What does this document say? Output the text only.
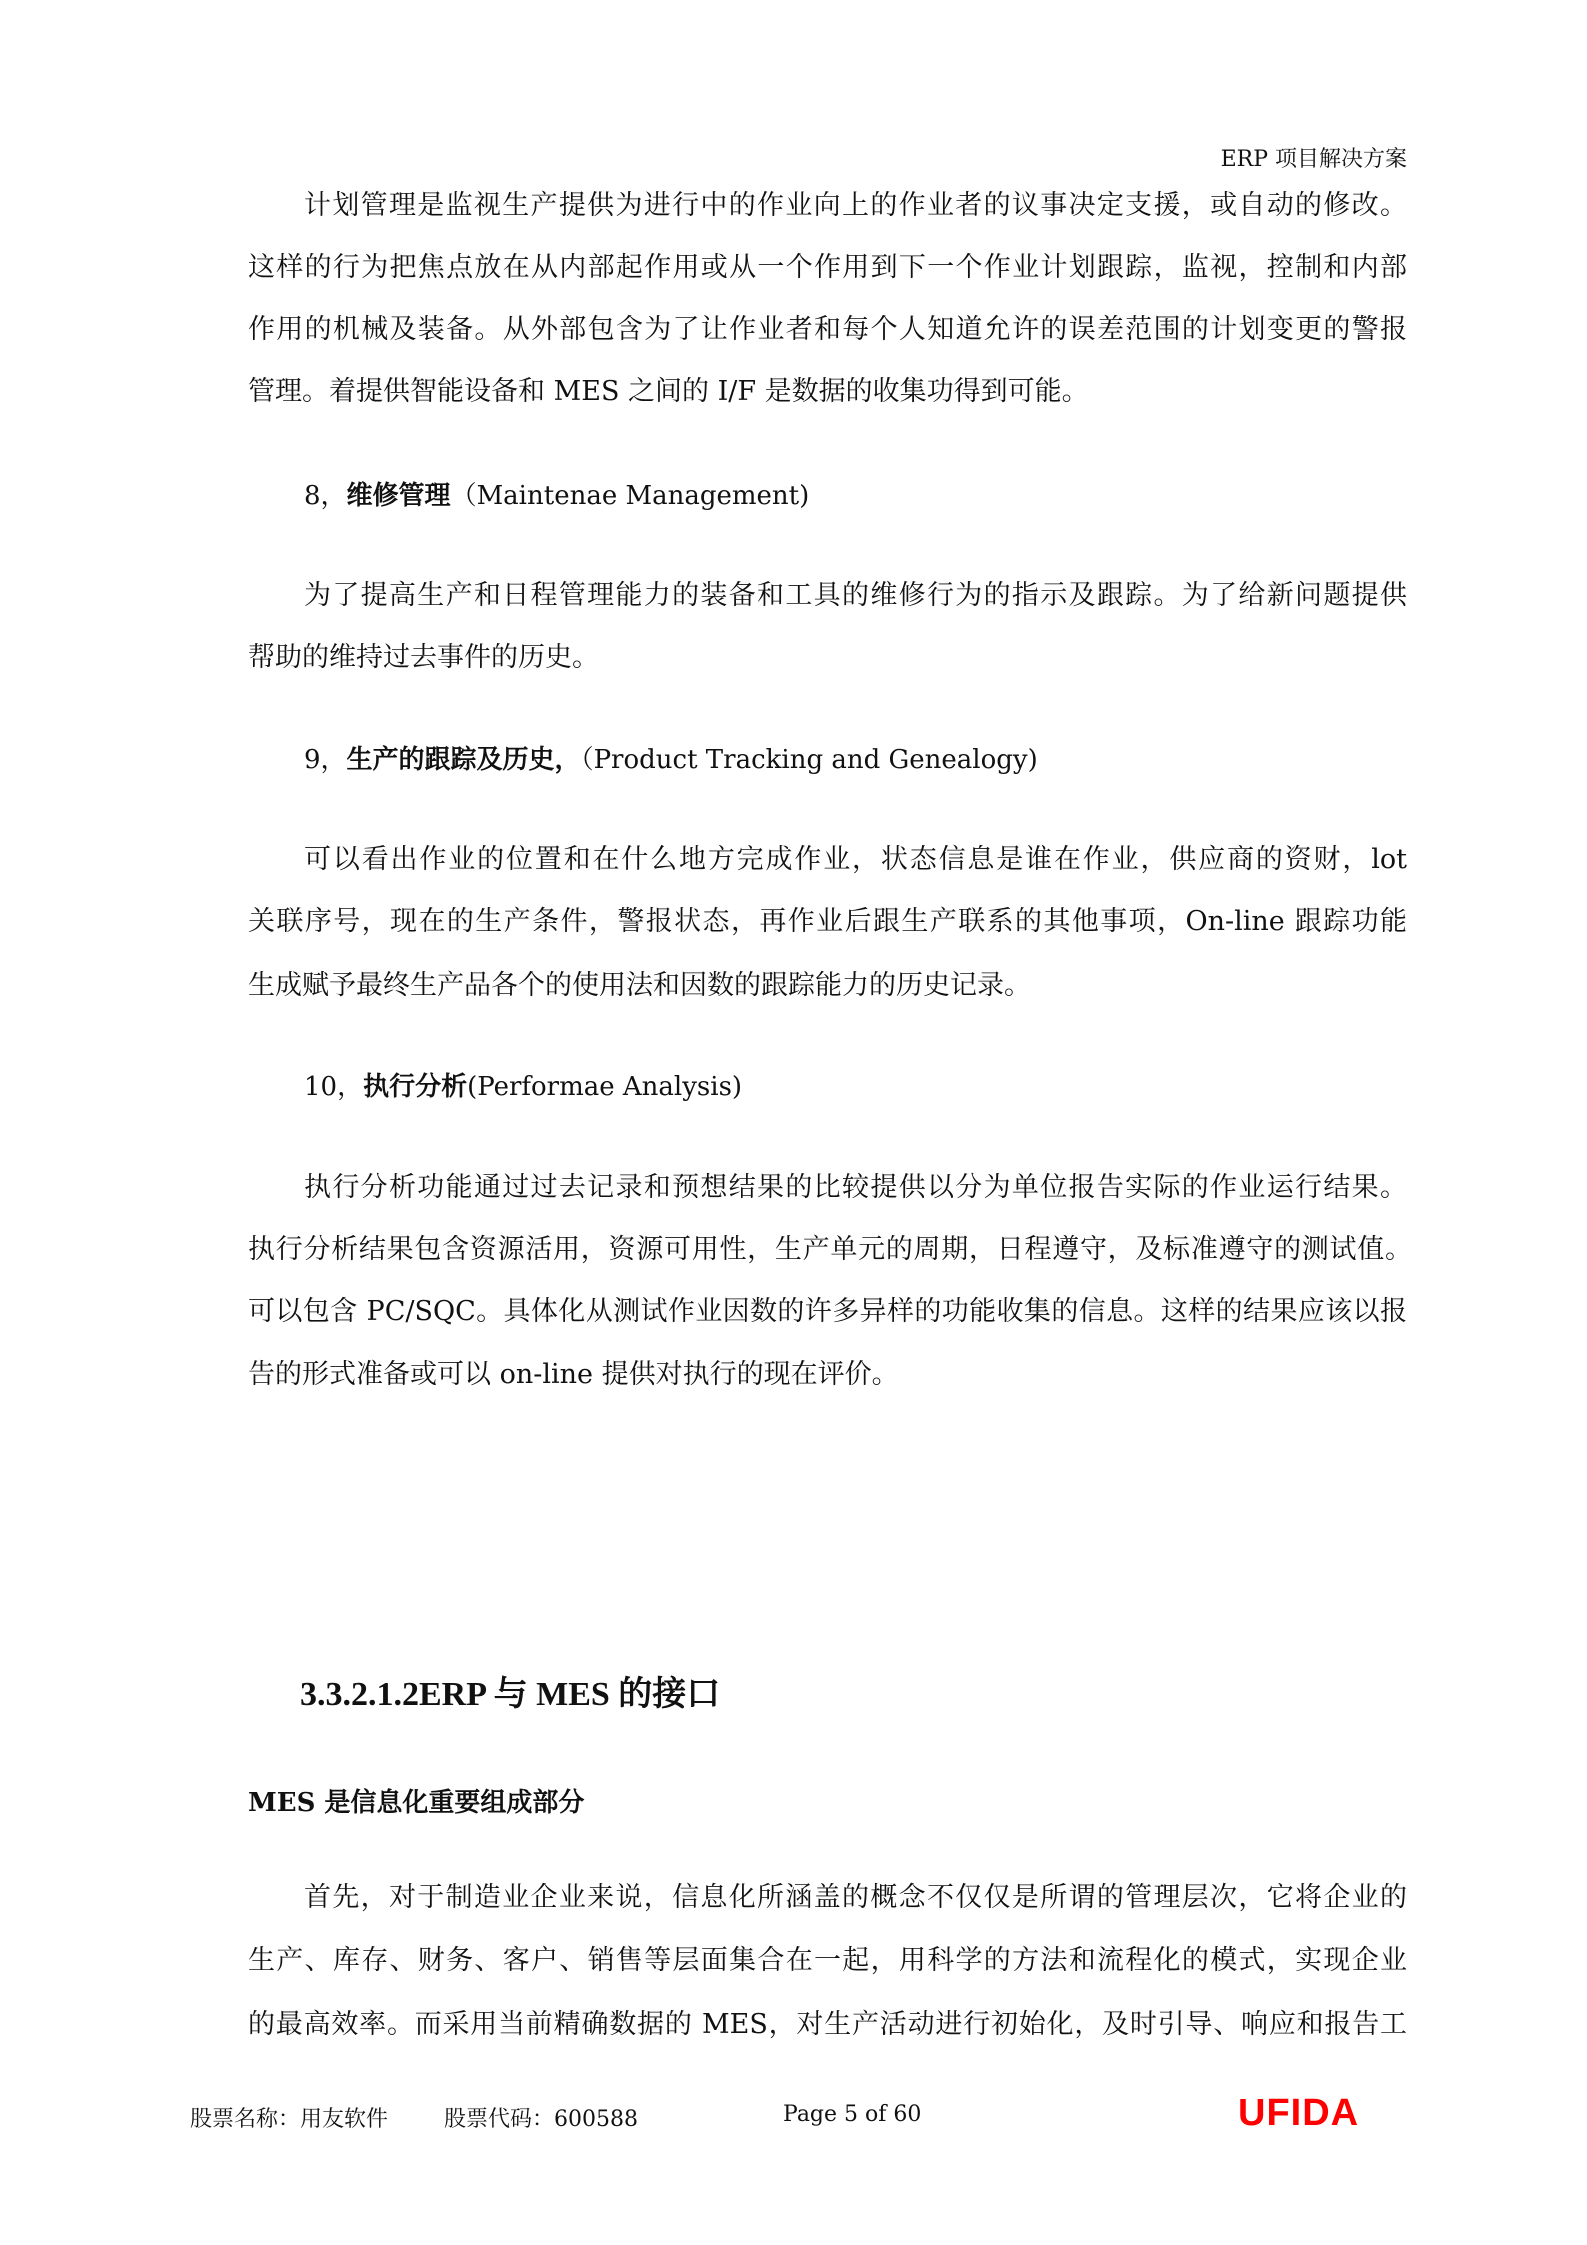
ERP 项目解决方案
计划管理是监视生产提供为进行中的作业向上的作业者的议事决定支援，或自动的修改。
这样的行为把焦点放在从内部起作用或从一个作用到下一个作业计划跟踪，监视，控制和内部
作用的机械及装备。从外部包含为了让作业者和每个人知道允许的误差范围的计划变更的警报
管理。着提供智能设备和 MES 之间的 I/F 是数据的收集功得到可能。
8，维修管理（Maintenae Management)
为了提高生产和日程管理能力的装备和工具的维修行为的指示及跟踪。为了给新问题提供
帮助的维持过去事件的历史。
9，生产的跟踪及历史，（Product Tracking and Genealogy)
可以看出作业的位置和在什么地方完成作业，状态信息是谁在作业，供应商的资财，lot
关联序号，现在的生产条件，警报状态，再作业后跟生产联系的其他事项，On-line 跟踪功能
生成赋予最终生产品各个的使用法和因数的跟踪能力的历史记录。
10，执行分析(Performae Analysis)
执行分析功能通过过去记录和预想结果的比较提供以分为单位报告实际的作业运行结果。
执行分析结果包含资源活用，资源可用性，生产单元的周期，日程遵守，及标准遵守的测试值。
可以包含 PC/SQC。具体化从测试作业因数的许多异样的功能收集的信息。这样的结果应该以报
告的形式准备或可以 on-line 提供对执行的现在评价。
3.3.2.1.2ERP 与 MES 的接口
MES 是信息化重要组成部分
首先，对于制造业企业来说，信息化所涵盖的概念不仅仅是所谓的管理层次，它将企业的
生产、库存、财务、客户、销售等层面集合在一起，用科学的方法和流程化的模式，实现企业
的最高效率。而采用当前精确数据的 MES，对生产活动进行初始化，及时引导、响应和报告工
股票名称：用友软件	股票代码：600588	Page 5 of 60	UFIDA
